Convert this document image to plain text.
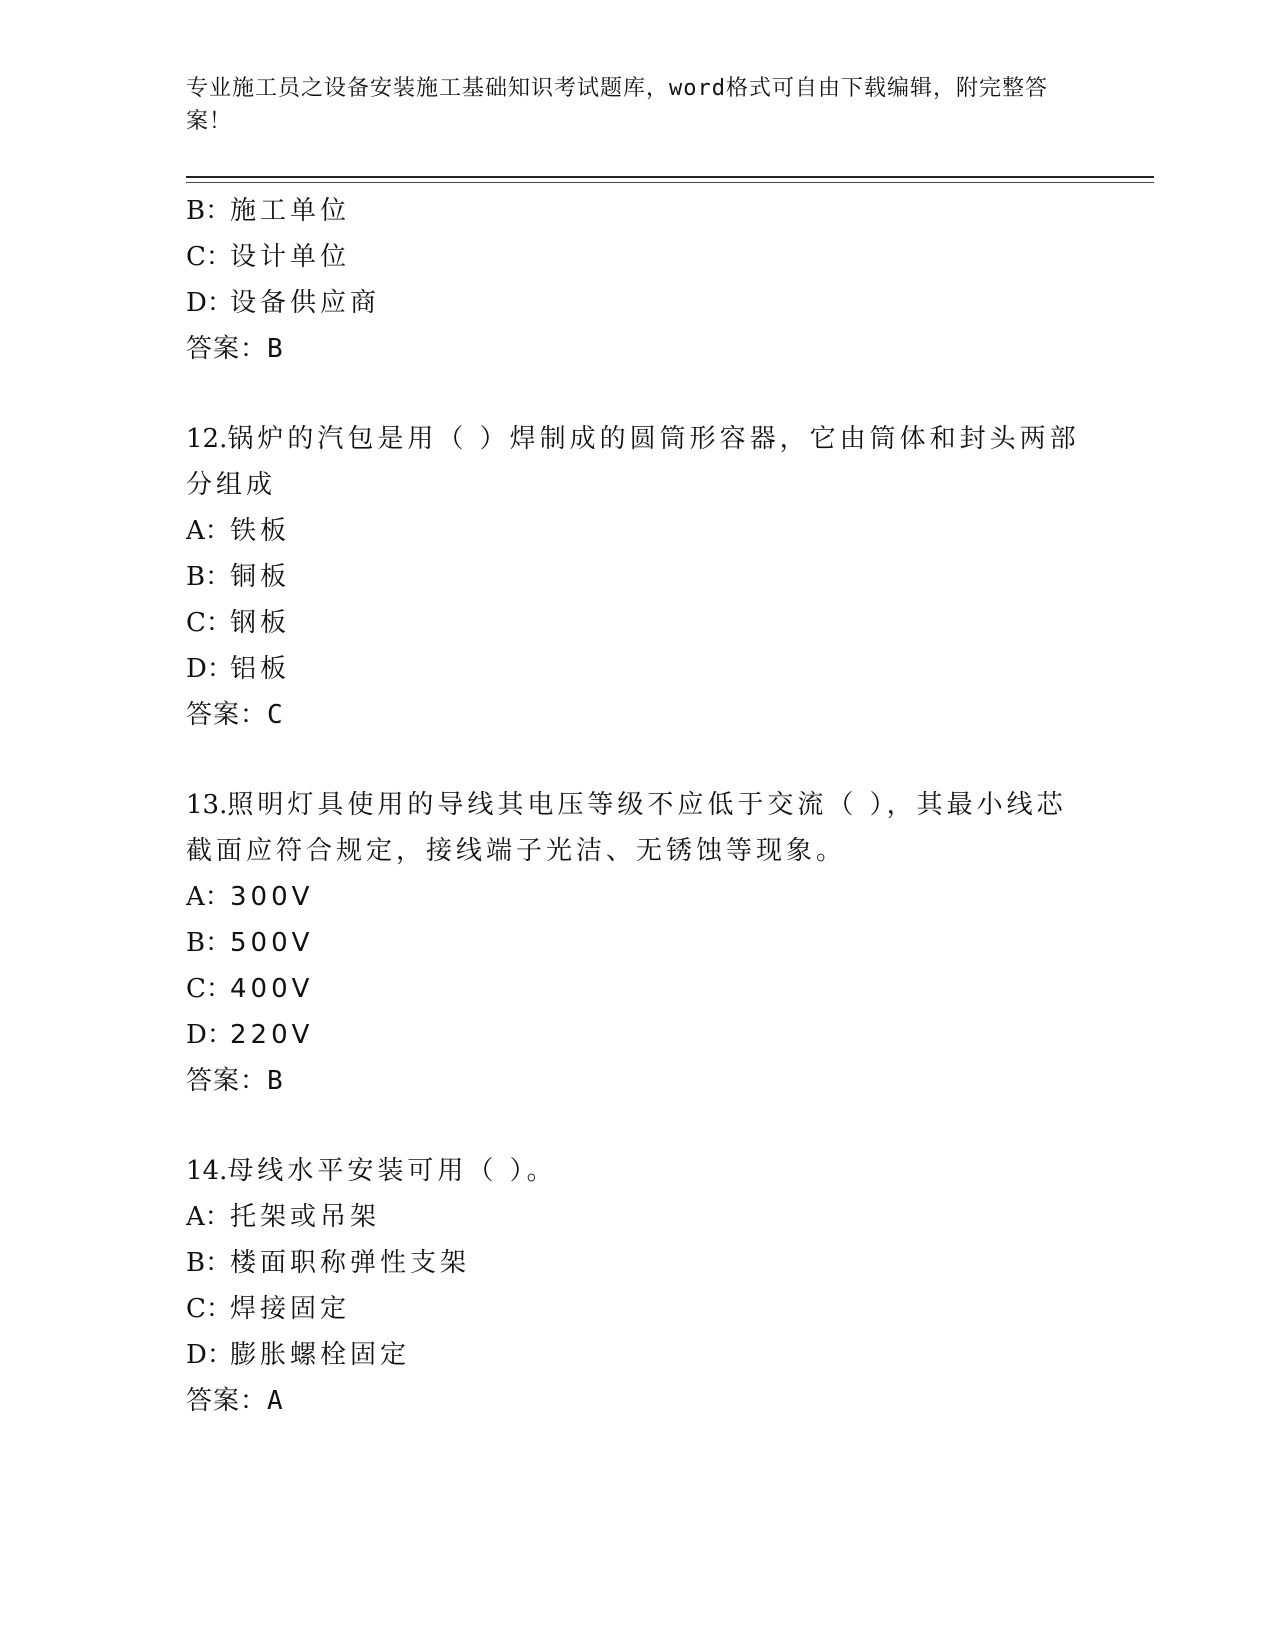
专业施工员之设备安装施工基础知识考试题库，word格式可自由下载编辑，附完整答案！
B：施工单位
C：设计单位
D：设备供应商
答案：B
12.锅炉的汽包是用（ ）焊制成的圆筒形容器，它由筒体和封头两部
分组成
A：铁板
B：铜板
C：钢板
D：铝板
答案：C
13.照明灯具使用的导线其电压等级不应低于交流（ ），其最小线芯
截面应符合规定，接线端子光洁、无锈蚀等现象。
A：300V
B：500V
C：400V
D：220V
答案：B
14.母线水平安装可用（ ）。
A：托架或吊架
B：楼面职称弹性支架
C：焊接固定
D：膨胀螺栓固定
答案：A
